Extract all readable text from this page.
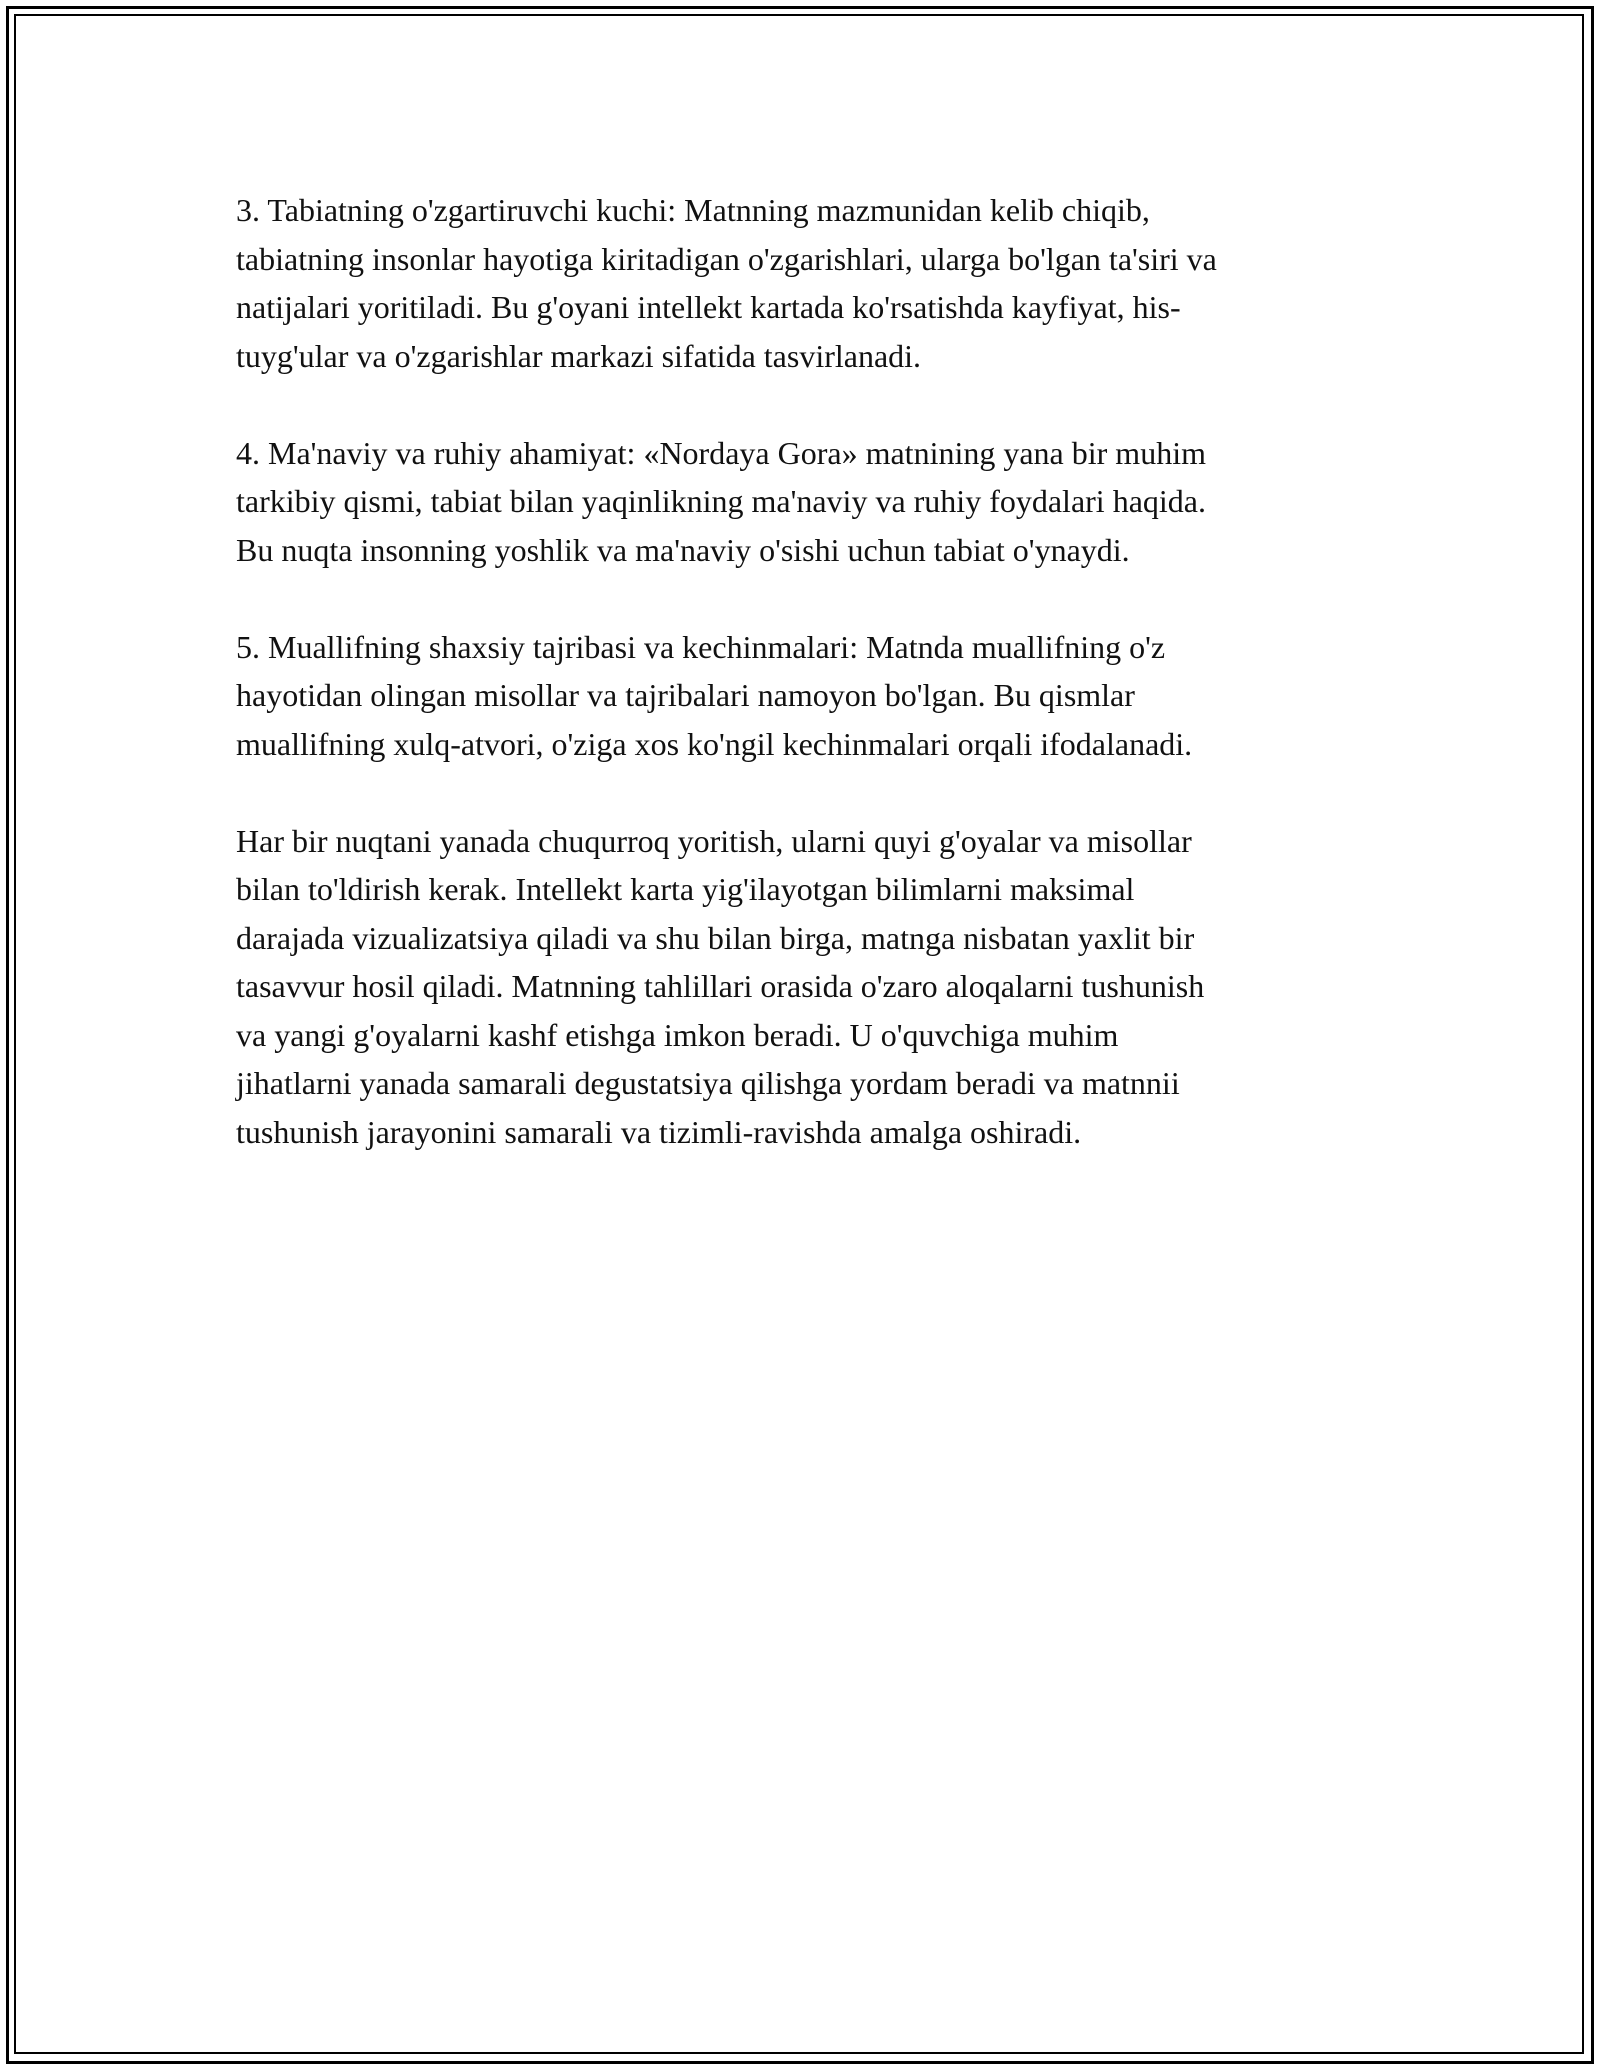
3. Tabiatning o'zgartiruvchi kuchi: Matnning mazmunidan kelib chiqib,
tabiatning insonlar hayotiga kiritadigan o'zgarishlari, ularga bo'lgan ta'siri va
natijalari yoritiladi. Bu g'oyani intellekt kartada ko'rsatishda kayfiyat, his-
tuyg'ular va o'zgarishlar markazi sifatida tasvirlanadi.

4. Ma'naviy va ruhiy ahamiyat: «Nordaya Gora» matnining yana bir muhim
tarkibiy qismi, tabiat bilan yaqinlikning ma'naviy va ruhiy foydalari haqida.
Bu nuqta insonning yoshlik va ma'naviy o'sishi uchun tabiat o'ynaydi.

5. Muallifning shaxsiy tajribasi va kechinmalari: Matnda muallifning o'z
hayotidan olingan misollar va tajribalari namoyon bo'lgan. Bu qismlar
muallifning xulq-atvori, o'ziga xos ko'ngil kechinmalari orqali ifodalanadi.

Har bir nuqtani yanada chuqurroq yoritish, ularni quyi g'oyalar va misollar
bilan to'ldirish kerak. Intellekt karta yig'ilayotgan bilimlarni maksimal
darajada vizualizatsiya qiladi va shu bilan birga, matnga nisbatan yaxlit bir
tasavvur hosil qiladi. Matnning tahlillari orasida o'zaro aloqalarni tushunish
va yangi g'oyalarni kashf etishga imkon beradi. U o'quvchiga muhim
jihatlarni yanada samarali degustatsiya qilishga yordam beradi va matnnii
tushunish jarayonini samarali va tizimli-ravishda amalga oshiradi.
